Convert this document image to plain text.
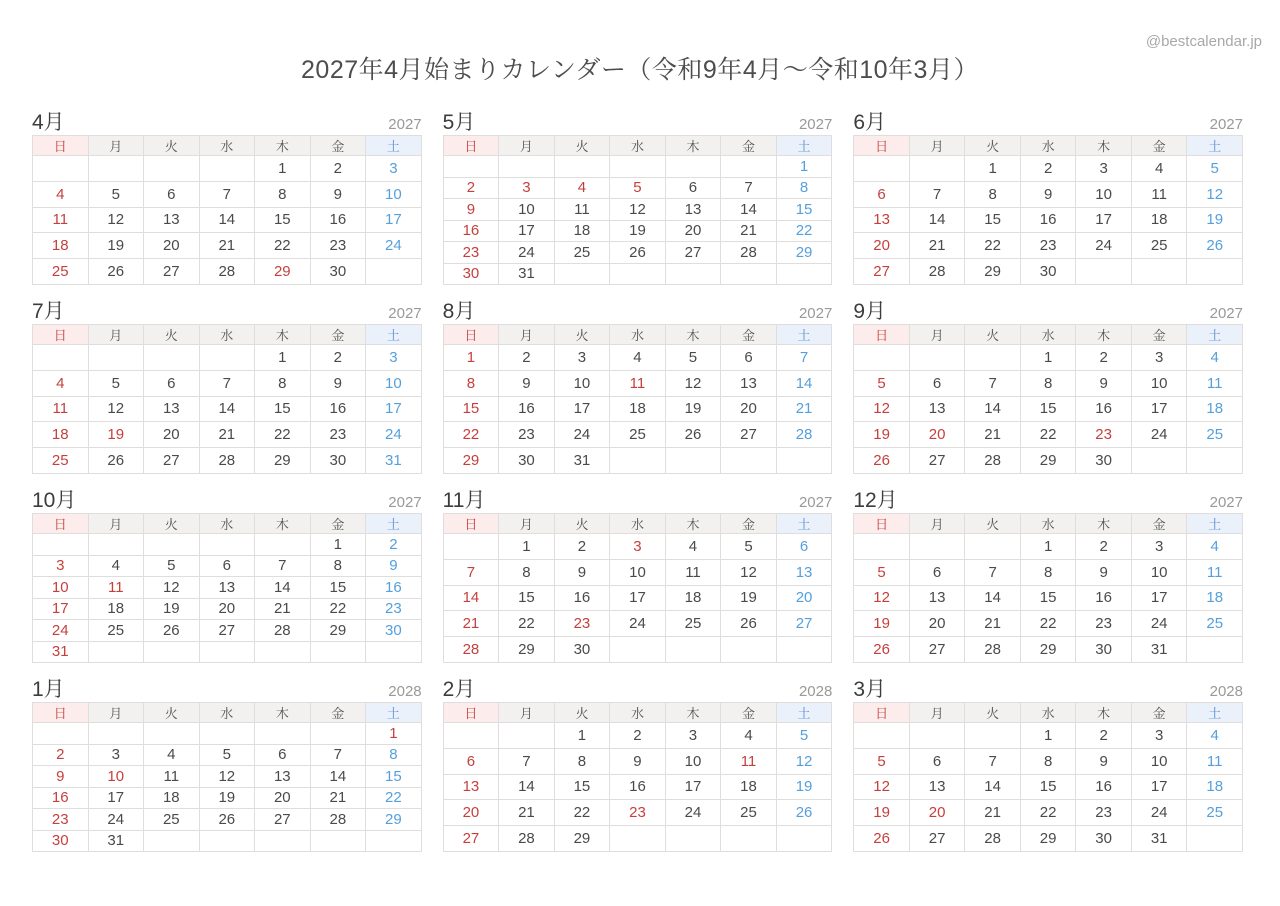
@bestcalendar.jp
2027年4月始まりカレンダー（令和9年4月～令和10年3月）
4月	2027
日	月	火	水	木	金	土
				1	2	3
4	5	6	7	8	9	10
11	12	13	14	15	16	17
18	19	20	21	22	23	24
25	26	27	28	29	30	
5月	2027
日	月	火	水	木	金	土
						1
2	3	4	5	6	7	8
9	10	11	12	13	14	15
16	17	18	19	20	21	22
23	24	25	26	27	28	29
30	31					
6月	2027
日	月	火	水	木	金	土
		1	2	3	4	5
6	7	8	9	10	11	12
13	14	15	16	17	18	19
20	21	22	23	24	25	26
27	28	29	30			
7月	2027
日	月	火	水	木	金	土
				1	2	3
4	5	6	7	8	9	10
11	12	13	14	15	16	17
18	19	20	21	22	23	24
25	26	27	28	29	30	31
8月	2027
日	月	火	水	木	金	土
1	2	3	4	5	6	7
8	9	10	11	12	13	14
15	16	17	18	19	20	21
22	23	24	25	26	27	28
29	30	31				
9月	2027
日	月	火	水	木	金	土
			1	2	3	4
5	6	7	8	9	10	11
12	13	14	15	16	17	18
19	20	21	22	23	24	25
26	27	28	29	30		
10月	2027
日	月	火	水	木	金	土
					1	2
3	4	5	6	7	8	9
10	11	12	13	14	15	16
17	18	19	20	21	22	23
24	25	26	27	28	29	30
31						
11月	2027
日	月	火	水	木	金	土
	1	2	3	4	5	6
7	8	9	10	11	12	13
14	15	16	17	18	19	20
21	22	23	24	25	26	27
28	29	30				
12月	2027
日	月	火	水	木	金	土
			1	2	3	4
5	6	7	8	9	10	11
12	13	14	15	16	17	18
19	20	21	22	23	24	25
26	27	28	29	30	31	
1月	2028
日	月	火	水	木	金	土
						1
2	3	4	5	6	7	8
9	10	11	12	13	14	15
16	17	18	19	20	21	22
23	24	25	26	27	28	29
30	31					
2月	2028
日	月	火	水	木	金	土
		1	2	3	4	5
6	7	8	9	10	11	12
13	14	15	16	17	18	19
20	21	22	23	24	25	26
27	28	29				
3月	2028
日	月	火	水	木	金	土
			1	2	3	4
5	6	7	8	9	10	11
12	13	14	15	16	17	18
19	20	21	22	23	24	25
26	27	28	29	30	31	
